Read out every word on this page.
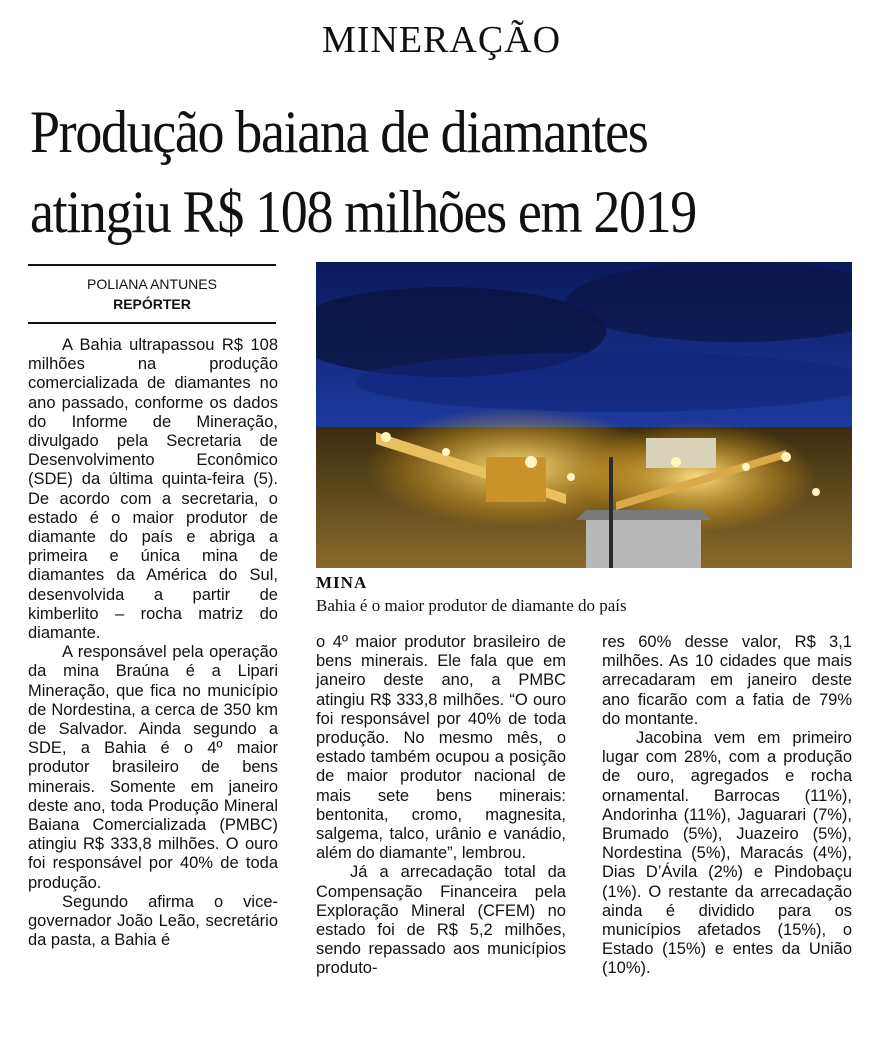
MINERAÇÃO
Produção baiana de diamantes
atingiu R$ 108 milhões em 2019
POLIANA ANTUNES
REPÓRTER

A Bahia ultrapassou R$ 108 milhões na produção comercializada de diamantes no ano passado, conforme os dados do Informe de Mineração, divulgado pela Secretaria de Desenvolvimento Econômico (SDE) da última quinta-feira (5). De acordo com a secretaria, o estado é o maior produtor de diamante do país e abriga a primeira e única mina de diamantes da América do Sul, desenvolvida a partir de kimberlito – rocha matriz do diamante.

A responsável pela operação da mina Braúna é a Lipari Mineração, que fica no município de Nordestina, a cerca de 350 km de Salvador. Ainda segundo a SDE, a Bahia é o 4º maior produtor brasileiro de bens minerais. Somente em janeiro deste ano, toda Produção Mineral Baiana Comercializada (PMBC) atingiu R$ 333,8 milhões. O ouro foi responsável por 40% de toda produção.

Segundo afirma o vice-governador João Leão, secretário da pasta, a Bahia é

MINA
Bahia é o maior produtor de diamante do país

o 4º maior produtor brasileiro de bens minerais. Ele fala que em janeiro deste ano, a PMBC atingiu R$ 333,8 milhões. “O ouro foi responsável por 40% de toda produção. No mesmo mês, o estado também ocupou a posição de maior produtor nacional de mais sete bens minerais: bentonita, cromo, magnesita, salgema, talco, urânio e vanádio, além do diamante”, lembrou.

Já a arrecadação total da Compensação Financeira pela Exploração Mineral (CFEM) no estado foi de R$ 5,2 milhões, sendo repassado aos municípios produto-

res 60% desse valor, R$ 3,1 milhões. As 10 cidades que mais arrecadaram em janeiro deste ano ficarão com a fatia de 79% do montante.

Jacobina vem em primeiro lugar com 28%, com a produção de ouro, agregados e rocha ornamental. Barrocas (11%), Andorinha (11%), Jaguarari (7%), Brumado (5%), Juazeiro (5%), Nordestina (5%), Maracás (4%), Dias D’Ávila (2%) e Pindobaçu (1%). O restante da arrecadação ainda é dividido para os municípios afetados (15%), o Estado (15%) e entes da União (10%).
